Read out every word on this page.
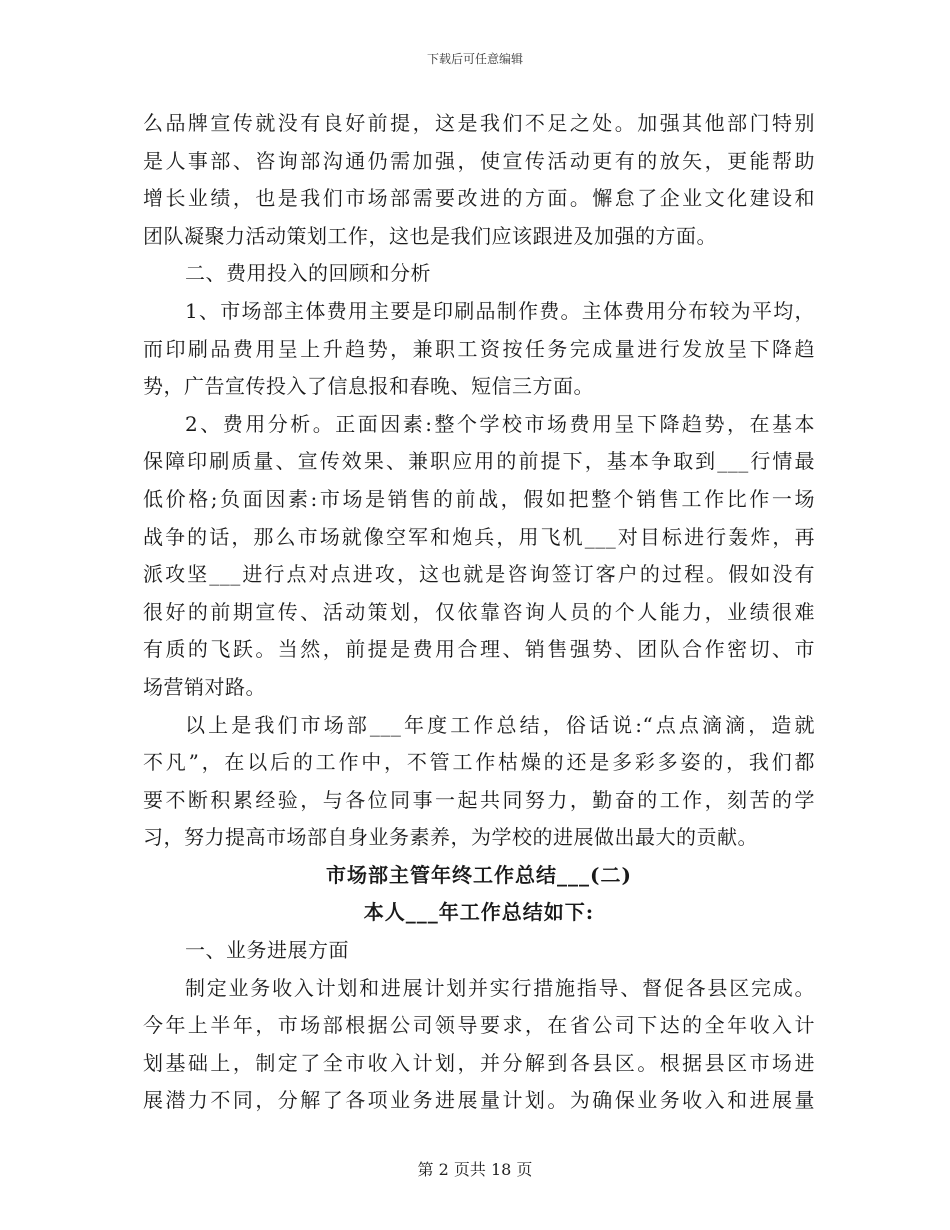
下载后可任意编辑
么品牌宣传就没有良好前提，这是我们不足之处。加强其他部门特别
是人事部、咨询部沟通仍需加强，使宣传活动更有的放矢，更能帮助
增长业绩，也是我们市场部需要改进的方面。懈怠了企业文化建设和
团队凝聚力活动策划工作，这也是我们应该跟进及加强的方面。
二、费用投入的回顾和分析
1、市场部主体费用主要是印刷品制作费。主体费用分布较为平均，
而印刷品费用呈上升趋势，兼职工资按任务完成量进行发放呈下降趋
势，广告宣传投入了信息报和春晚、短信三方面。
2、费用分析。正面因素:整个学校市场费用呈下降趋势，在基本
保障印刷质量、宣传效果、兼职应用的前提下，基本争取到___行情最
低价格;负面因素:市场是销售的前战，假如把整个销售工作比作一场
战争的话，那么市场就像空军和炮兵，用飞机___对目标进行轰炸，再
派攻坚___进行点对点进攻，这也就是咨询签订客户的过程。假如没有
很好的前期宣传、活动策划，仅依靠咨询人员的个人能力，业绩很难
有质的飞跃。当然，前提是费用合理、销售强势、团队合作密切、市
场营销对路。
以上是我们市场部___年度工作总结，俗话说:“点点滴滴，造就
不凡”，在以后的工作中，不管工作枯燥的还是多彩多姿的，我们都
要不断积累经验，与各位同事一起共同努力，勤奋的工作，刻苦的学
习，努力提高市场部自身业务素养，为学校的进展做出最大的贡献。
市场部主管年终工作总结___(二)
本人___年工作总结如下:
一、业务进展方面
制定业务收入计划和进展计划并实行措施指导、督促各县区完成。
今年上半年，市场部根据公司领导要求，在省公司下达的全年收入计
划基础上，制定了全市收入计划，并分解到各县区。根据县区市场进
展潜力不同，分解了各项业务进展量计划。为确保业务收入和进展量
第 2 页共 18 页
